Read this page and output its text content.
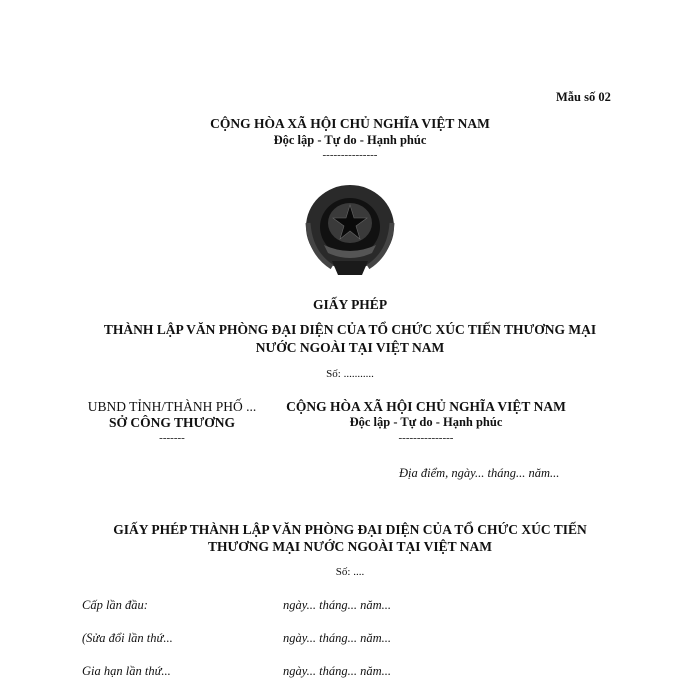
Mẫu số 02
CỘNG HÒA XÃ HỘI CHỦ NGHĨA VIỆT NAM
Độc lập - Tự do - Hạnh phúc
---------------
GIẤY PHÉP
THÀNH LẬP VĂN PHÒNG ĐẠI DIỆN CỦA TỔ CHỨC XÚC TIẾN THƯƠNG MẠI
NƯỚC NGOÀI TẠI VIỆT NAM
Số: ...........
UBND TỈNH/THÀNH PHỐ ...
SỞ CÔNG THƯƠNG
-------
CỘNG HÒA XÃ HỘI CHỦ NGHĨA VIỆT NAM
Độc lập - Tự do - Hạnh phúc
---------------
Địa điểm, ngày... tháng... năm...
GIẤY PHÉP THÀNH LẬP VĂN PHÒNG ĐẠI DIỆN CỦA TỔ CHỨC XÚC TIẾN
THƯƠNG MẠI NƯỚC NGOÀI TẠI VIỆT NAM
Số: ....
Cấp lần đầu:	ngày... tháng... năm...
(Sửa đổi lần thứ...	ngày... tháng... năm...
Gia hạn lần thứ...	ngày... tháng... năm...
